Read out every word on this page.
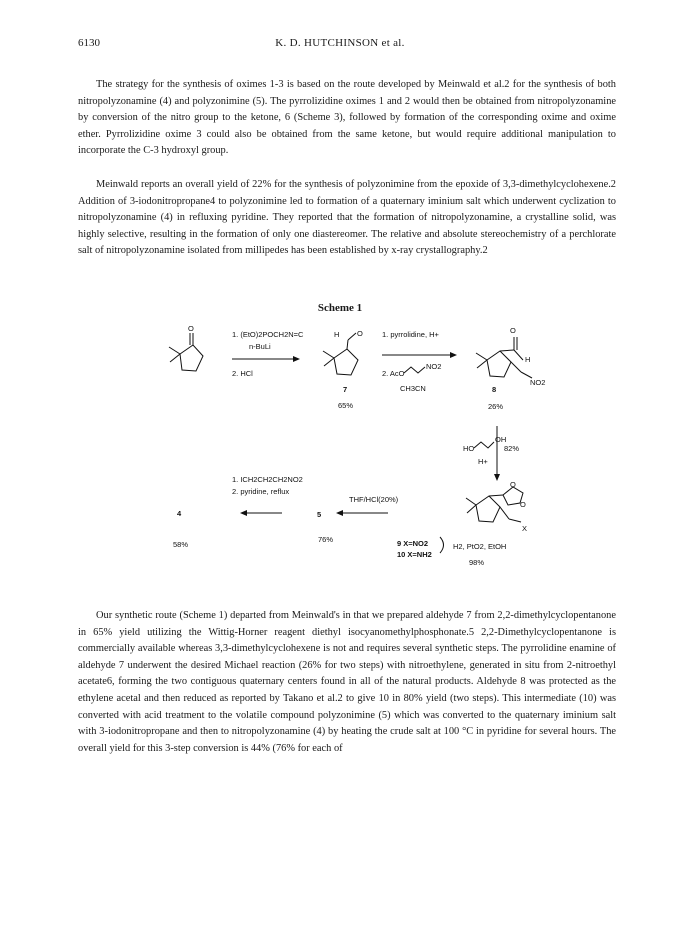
6130	K. D. HUTCHINSON et al.

The strategy for the synthesis of oximes 1-3 is based on the route developed by Meinwald et al.2 for the synthesis of both nitropolyzonamine (4) and polyzonimine (5). The pyrrolizidine oximes 1 and 2 would then be obtained from nitropolyzonamine by conversion of the nitro group to the ketone, 6 (Scheme 3), followed by formation of the corresponding oxime and oxime ether. Pyrrolizidine oxime 3 could also be obtained from the same ketone, but would require additional manipulation to incorporate the C-3 hydroxyl group.

Meinwald reports an overall yield of 22% for the synthesis of polyzonimine from the epoxide of 3,3-dimethylcyclohexene.2 Addition of 3-iodonitropropane4 to polyzonimine led to formation of a quaternary iminium salt which underwent cyclization to nitropolyzonamine (4) in refluxing pyridine. They reported that the formation of nitropolyzonamine, a crystalline solid, was highly selective, resulting in the formation of only one diastereomer. The relative and absolute stereochemistry of a perchlorate salt of nitropolyzonamine isolated from millipedes has been established by x-ray crystallography.2

Scheme 1
O
1. (EtO)2POCH2N=C
n-BuLi
2. HCl
H O
7
65%
1. pyrrolidine, H+
2. AcO
NO2
CH3CN
O
H
NO2
8
26%
HO
OH
H+
82%
O
O
X
9 X=NO2
10 X=NH2
H2, PtO2, EtOH
98%
THF/HCl(20%)
5
76%
1. ICH2CH2CH2NO2
2. pyridine, reflux
4
58%

Our synthetic route (Scheme 1) departed from Meinwald's in that we prepared aldehyde 7 from 2,2-dimethylcyclopentanone in 65% yield utilizing the Wittig-Horner reagent diethyl isocyanomethylphosphonate.5 2,2-Dimethylcyclopentanone is commercially available whereas 3,3-dimethylcyclohexene is not and requires several synthetic steps. The pyrrolidine enamine of aldehyde 7 underwent the desired Michael reaction (26% for two steps) with nitroethylene, generated in situ from 2-nitroethyl acetate6, forming the two contiguous quaternary centers found in all of the natural products. Aldehyde 8 was protected as the ethylene acetal and then reduced as reported by Takano et al.2 to give 10 in 80% yield (two steps). This intermediate (10) was converted with acid treatment to the volatile compound polyzonimine (5) which was converted to the quaternary iminium salt with 3-iodonitropropane and then to nitropolyzonamine (4) by heating the crude salt at 100 °C in pyridine for several hours. The overall yield for this 3-step conversion is 44% (76% for each of
